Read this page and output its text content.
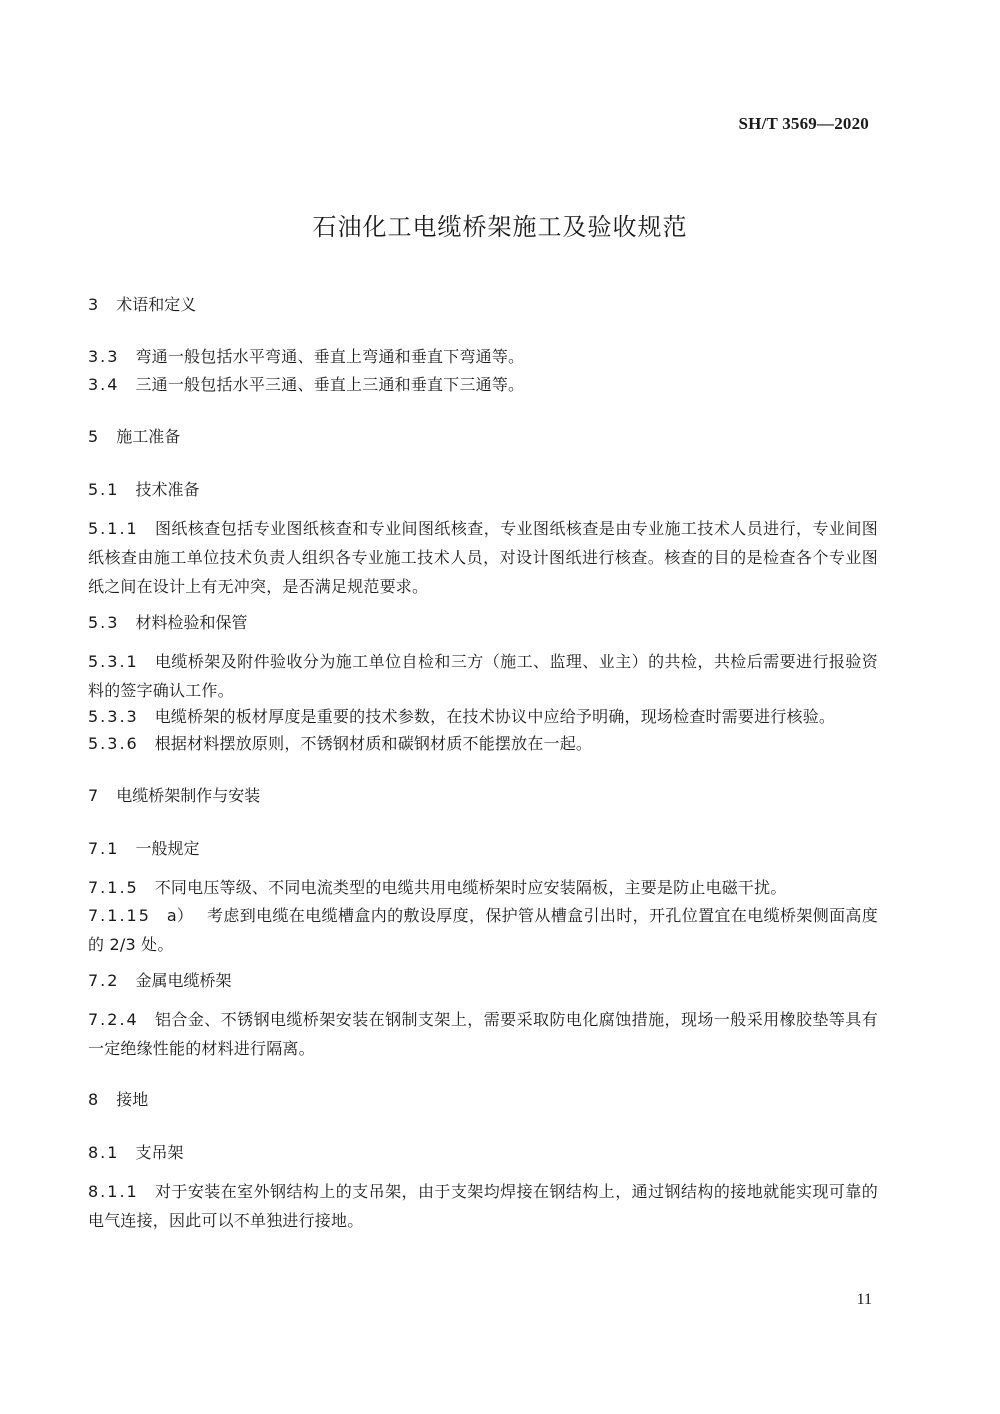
SH/T 3569—2020
石油化工电缆桥架施工及验收规范
3 术语和定义
3.3 弯通一般包括水平弯通、垂直上弯通和垂直下弯通等。
3.4 三通一般包括水平三通、垂直上三通和垂直下三通等。
5 施工准备
5.1 技术准备
5.1.1 图纸核查包括专业图纸核查和专业间图纸核查，专业图纸核查是由专业施工技术人员进行，专业间图纸核查由施工单位技术负责人组织各专业施工技术人员，对设计图纸进行核查。核查的目的是检查各个专业图纸之间在设计上有无冲突，是否满足规范要求。
5.3 材料检验和保管
5.3.1 电缆桥架及附件验收分为施工单位自检和三方（施工、监理、业主）的共检，共检后需要进行报验资料的签字确认工作。
5.3.3 电缆桥架的板材厚度是重要的技术参数，在技术协议中应给予明确，现场检查时需要进行核验。
5.3.6 根据材料摆放原则，不锈钢材质和碳钢材质不能摆放在一起。
7 电缆桥架制作与安装
7.1 一般规定
7.1.5 不同电压等级、不同电流类型的电缆共用电缆桥架时应安装隔板，主要是防止电磁干扰。
7.1.15 a） 考虑到电缆在电缆槽盒内的敷设厚度，保护管从槽盒引出时，开孔位置宜在电缆桥架侧面高度的 2/3 处。
7.2 金属电缆桥架
7.2.4 铝合金、不锈钢电缆桥架安装在钢制支架上，需要采取防电化腐蚀措施，现场一般采用橡胶垫等具有一定绝缘性能的材料进行隔离。
8 接地
8.1 支吊架
8.1.1 对于安装在室外钢结构上的支吊架，由于支架均焊接在钢结构上，通过钢结构的接地就能实现可靠的电气连接，因此可以不单独进行接地。
11
